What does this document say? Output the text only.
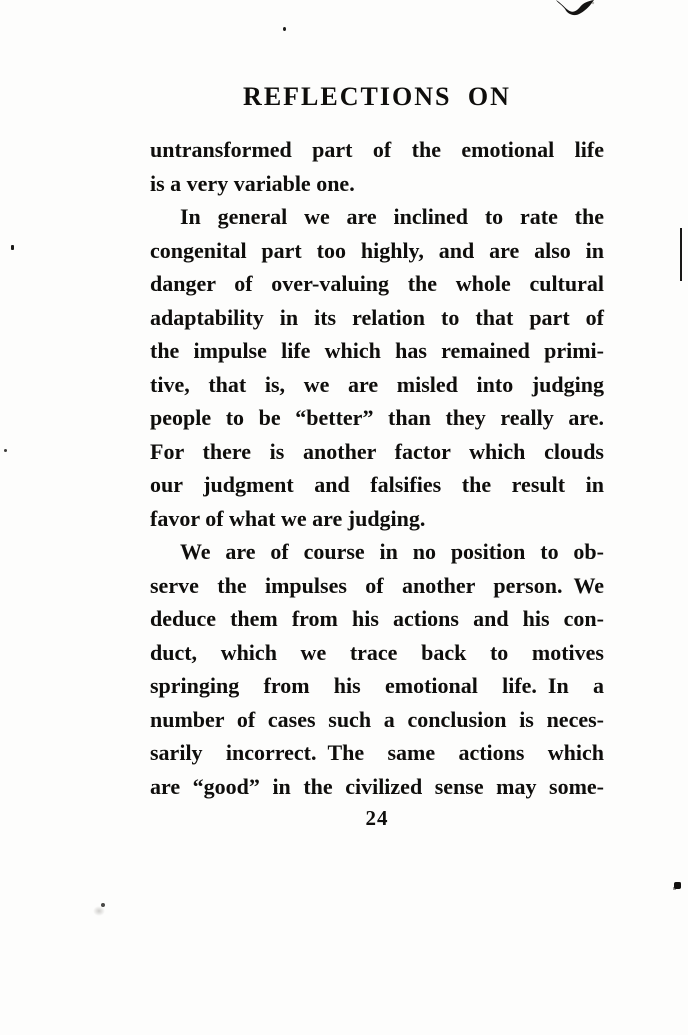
REFLECTIONS ON
untransformed part of the emotional life
is a very variable one.
In general we are inclined to rate the
congenital part too highly, and are also in
danger of over-valuing the whole cultural
adaptability in its relation to that part of
the impulse life which has remained primi-
tive, that is, we are misled into judging
people to be “better” than they really are.
For there is another factor which clouds
our judgment and falsifies the result in
favor of what we are judging.
We are of course in no position to ob-
serve the impulses of another person. We
deduce them from his actions and his con-
duct, which we trace back to motives
springing from his emotional life. In a
number of cases such a conclusion is neces-
sarily incorrect. The same actions which
are “good” in the civilized sense may some-
24
